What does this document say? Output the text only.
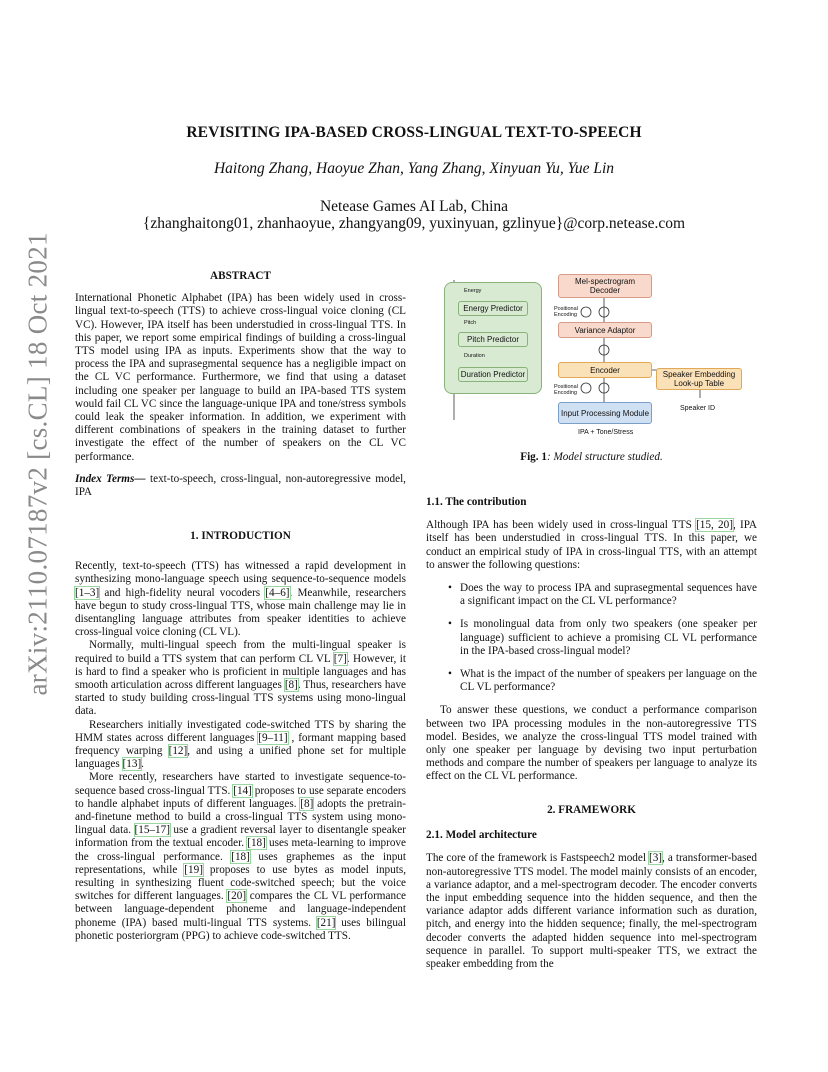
arXiv:2110.07187v2 [cs.CL] 18 Oct 2021
REVISITING IPA-BASED CROSS-LINGUAL TEXT-TO-SPEECH
Haitong Zhang, Haoyue Zhan, Yang Zhang, Xinyuan Yu, Yue Lin
Netease Games AI Lab, China
{zhanghaitong01, zhanhaoyue, zhangyang09, yuxinyuan, gzlinyue}@corp.netease.com
ABSTRACT

International Phonetic Alphabet (IPA) has been widely used in cross-lingual text-to-speech (TTS) to achieve cross-lingual voice cloning (CL VC). However, IPA itself has been understudied in cross-lingual TTS. In this paper, we report some empirical findings of building a cross-lingual TTS model using IPA as inputs. Experiments show that the way to process the IPA and suprasegmental sequence has a negligible impact on the CL VC performance. Furthermore, we find that using a dataset including one speaker per language to build an IPA-based TTS system would fail CL VC since the language-unique IPA and tone/stress symbols could leak the speaker information. In addition, we experiment with different combinations of speakers in the training dataset to further investigate the effect of the number of speakers on the CL VC performance.

Index Terms— text-to-speech, cross-lingual, non-autoregressive model, IPA

1. INTRODUCTION

Recently, text-to-speech (TTS) has witnessed a rapid development in synthesizing mono-language speech using sequence-to-sequence models [1–3] and high-fidelity neural vocoders [4–6]. Meanwhile, researchers have begun to study cross-lingual TTS, whose main challenge may lie in disentangling language attributes from speaker identities to achieve cross-lingual voice cloning (CL VL).

Normally, multi-lingual speech from the multi-lingual speaker is required to build a TTS system that can perform CL VL [7]. However, it is hard to find a speaker who is proficient in multiple languages and has smooth articulation across different languages [8]. Thus, researchers have started to study building cross-lingual TTS systems using mono-lingual data.

Researchers initially investigated code-switched TTS by sharing the HMM states across different languages [9–11] , formant mapping based frequency warping [12], and using a unified phone set for multiple languages [13].

More recently, researchers have started to investigate sequence-to-sequence based cross-lingual TTS. [14] proposes to use separate encoders to handle alphabet inputs of different languages. [8] adopts the pretrain-and-finetune method to build a cross-lingual TTS system using mono-lingual data. [15–17] use a gradient reversal layer to disentangle speaker information from the textual encoder. [18] uses meta-learning to improve the cross-lingual performance. [18] uses graphemes as the input representations, while [19] proposes to use bytes as model inputs, resulting in synthesizing fluent code-switched speech; but the voice switches for different languages. [20] compares the CL VL performance between language-dependent phoneme and language-independent phoneme (IPA) based multi-lingual TTS systems. [21] uses bilingual phonetic posteriorgram (PPG) to achieve code-switched TTS.

Energy
Energy Predictor
Pitch
Pitch Predictor
Duration
Duration Predictor
Mel-spectrogram Decoder
Positional Encoding
Variance Adaptor
Encoder	Speaker Embedding Look-up Table
Positional Encoding
Input Processing Module	Speaker ID
IPA + Tone/Stress
Fig. 1: Model structure studied.
1.1. The contribution

Although IPA has been widely used in cross-lingual TTS [15, 20], IPA itself has been understudied in cross-lingual TTS. In this paper, we conduct an empirical study of IPA in cross-lingual TTS, with an attempt to answer the following questions:

• Does the way to process IPA and suprasegmental sequences have a significant impact on the CL VL performance?
• Is monolingual data from only two speakers (one speaker per language) sufficient to achieve a promising CL VL performance in the IPA-based cross-lingual model?
• What is the impact of the number of speakers per language on the CL VL performance?

To answer these questions, we conduct a performance comparison between two IPA processing modules in the non-autoregressive TTS model. Besides, we analyze the cross-lingual TTS model trained with only one speaker per language by devising two input perturbation methods and compare the number of speakers per language to analyze its effect on the CL VL performance.

2. FRAMEWORK
2.1. Model architecture

The core of the framework is Fastspeech2 model [3], a transformer-based non-autoregressive TTS model. The model mainly consists of an encoder, a variance adaptor, and a mel-spectrogram decoder. The encoder converts the input embedding sequence into the hidden sequence, and then the variance adaptor adds different variance information such as duration, pitch, and energy into the hidden sequence; finally, the mel-spectrogram decoder converts the adapted hidden sequence into mel-spectrogram sequence in parallel. To support multi-speaker TTS, we extract the speaker embedding from the
